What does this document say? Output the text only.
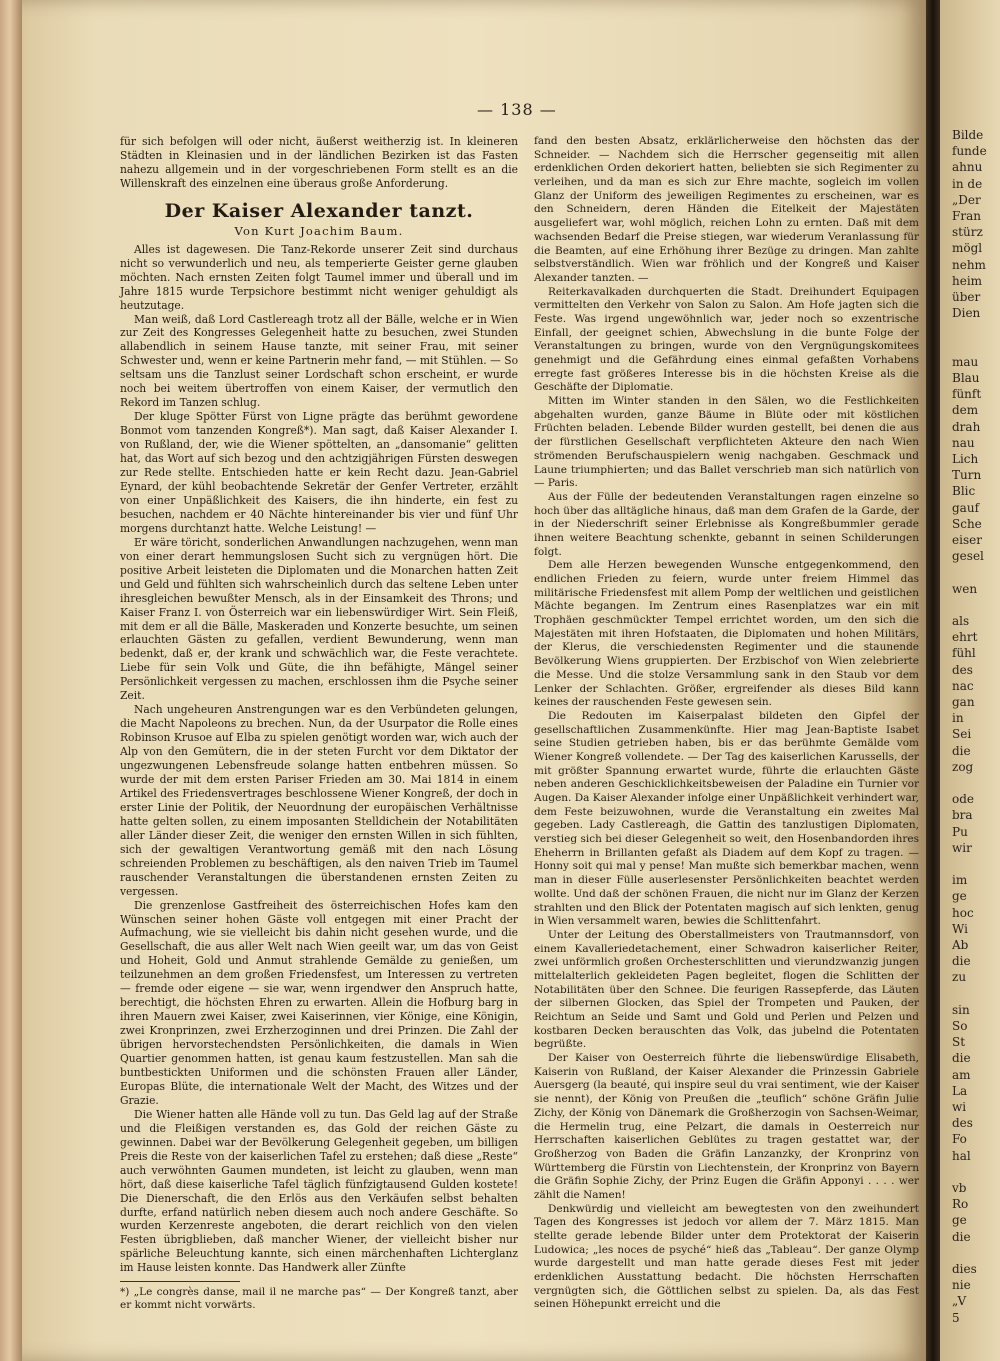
— 138 —

für sich befolgen will oder nicht, äußerst weitherzig ist. In kleineren Städten in Kleinasien und in der ländlichen Bezirken ist das Fasten nahezu allgemein und in der vorgeschriebenen Form stellt es an die Willenskraft des einzelnen eine überaus große Anforderung.

Der Kaiser Alexander tanzt.
Von Kurt Joachim Baum.

Alles ist dagewesen. Die Tanz-Rekorde unserer Zeit sind durchaus nicht so verwunderlich und neu, als temperierte Geister gerne glauben möchten. Nach ernsten Zeiten folgt Taumel immer und überall und im Jahre 1815 wurde Terpsichore bestimmt nicht weniger gehuldigt als heutzutage.

Man weiß, daß Lord Castlereagh trotz all der Bälle, welche er in Wien zur Zeit des Kongresses Gelegenheit hatte zu besuchen, zwei Stunden allabendlich in seinem Hause tanzte, mit seiner Frau, mit seiner Schwester und, wenn er keine Partnerin mehr fand, — mit Stühlen. — So seltsam uns die Tanzlust seiner Lordschaft schon erscheint, er wurde noch bei weitem übertroffen von einem Kaiser, der vermutlich den Rekord im Tanzen schlug.

Der kluge Spötter Fürst von Ligne prägte das berühmt gewordene Bonmot vom tanzenden Kongreß*). Man sagt, daß Kaiser Alexander I. von Rußland, der, wie die Wiener spöttelten, an „dansomanie“ gelitten hat, das Wort auf sich bezog und den achtzigjährigen Fürsten deswegen zur Rede stellte. Entschieden hatte er kein Recht dazu. Jean-Gabriel Eynard, der kühl beobachtende Sekretär der Genfer Vertreter, erzählt von einer Unpäßlichkeit des Kaisers, die ihn hinderte, ein fest zu besuchen, nachdem er 40 Nächte hintereinander bis vier und fünf Uhr morgens durchtanzt hatte. Welche Leistung! —

Er wäre töricht, sonderlichen Anwandlungen nachzugehen, wenn man von einer derart hemmungslosen Sucht sich zu vergnügen hört. Die positive Arbeit leisteten die Diplomaten und die Monarchen hatten Zeit und Geld und fühlten sich wahrscheinlich durch das seltene Leben unter ihresgleichen bewußter Mensch, als in der Einsamkeit des Throns; und Kaiser Franz I. von Österreich war ein liebenswürdiger Wirt. Sein Fleiß, mit dem er all die Bälle, Maskeraden und Konzerte besuchte, um seinen erlauchten Gästen zu gefallen, verdient Bewunderung, wenn man bedenkt, daß er, der krank und schwächlich war, die Feste verachtete. Liebe für sein Volk und Güte, die ihn befähigte, Mängel seiner Persönlichkeit vergessen zu machen, erschlossen ihm die Psyche seiner Zeit.

Nach ungeheuren Anstrengungen war es den Verbündeten gelungen, die Macht Napoleons zu brechen. Nun, da der Usurpator die Rolle eines Robinson Krusoe auf Elba zu spielen genötigt worden war, wich auch der Alp von den Gemütern, die in der steten Furcht vor dem Diktator der ungezwungenen Lebensfreude solange hatten entbehren müssen. So wurde der mit dem ersten Pariser Frieden am 30. Mai 1814 in einem Artikel des Friedensvertrages beschlossene Wiener Kongreß, der doch in erster Linie der Politik, der Neuordnung der europäischen Verhältnisse hatte gelten sollen, zu einem imposanten Stelldichein der Notabilitäten aller Länder dieser Zeit, die weniger den ernsten Willen in sich fühlten, sich der gewaltigen Verantwortung gemäß mit den nach Lösung schreienden Problemen zu beschäftigen, als den naiven Trieb im Taumel rauschender Veranstaltungen die überstandenen ernsten Zeiten zu vergessen.

Die grenzenlose Gastfreiheit des österreichischen Hofes kam den Wünschen seiner hohen Gäste voll entgegen mit einer Pracht der Aufmachung, wie sie vielleicht bis dahin nicht gesehen wurde, und die Gesellschaft, die aus aller Welt nach Wien geeilt war, um das von Geist und Hoheit, Gold und Anmut strahlende Gemälde zu genießen, um teilzunehmen an dem großen Friedensfest, um Interessen zu vertreten — fremde oder eigene — sie war, wenn irgendwer den Anspruch hatte, berechtigt, die höchsten Ehren zu erwarten. Allein die Hofburg barg in ihren Mauern zwei Kaiser, zwei Kaiserinnen, vier Könige, eine Königin, zwei Kronprinzen, zwei Erzherzoginnen und drei Prinzen. Die Zahl der übrigen hervorstechendsten Persönlichkeiten, die damals in Wien Quartier genommen hatten, ist genau kaum festzustellen. Man sah die buntbestickten Uniformen und die schönsten Frauen aller Länder, Europas Blüte, die internationale Welt der Macht, des Witzes und der Grazie.

Die Wiener hatten alle Hände voll zu tun. Das Geld lag auf der Straße und die Fleißigen verstanden es, das Gold der reichen Gäste zu gewinnen. Dabei war der Bevölkerung Gelegenheit gegeben, um billigen Preis die Reste von der kaiserlichen Tafel zu erstehen; daß diese „Reste“ auch verwöhnten Gaumen mundeten, ist leicht zu glauben, wenn man hört, daß diese kaiserliche Tafel täglich fünfzigtausend Gulden kostete! Die Dienerschaft, die den Erlös aus den Verkäufen selbst behalten durfte, erfand natürlich neben diesem auch noch andere Geschäfte. So wurden Kerzenreste angeboten, die derart reichlich von den vielen Festen übrigblieben, daß mancher Wiener, der vielleicht bisher nur spärliche Beleuchtung kannte, sich einen märchenhaften Lichterglanz im Hause leisten konnte. Das Handwerk aller Zünfte

*) „Le congrès danse, mail il ne marche pas“ — Der Kongreß tanzt, aber er kommt nicht vorwärts.

fand den besten Absatz, erklärlicherweise den höchsten das der Schneider. — Nachdem sich die Herrscher gegenseitig mit allen erdenklichen Orden dekoriert hatten, beliebten sie sich Regimenter zu verleihen, und da man es sich zur Ehre machte, sogleich im vollen Glanz der Uniform des jeweiligen Regimentes zu erscheinen, war es den Schneidern, deren Händen die Eitelkeit der Majestäten ausgeliefert war, wohl möglich, reichen Lohn zu ernten. Daß mit dem wachsenden Bedarf die Preise stiegen, war wiederum Veranlassung für die Beamten, auf eine Erhöhung ihrer Bezüge zu dringen. Man zahlte selbstverständlich. Wien war fröhlich und der Kongreß und Kaiser Alexander tanzten. —

Reiterkavalkaden durchquerten die Stadt. Dreihundert Equipagen vermittelten den Verkehr von Salon zu Salon. Am Hofe jagten sich die Feste. Was irgend ungewöhnlich war, jeder noch so exzentrische Einfall, der geeignet schien, Abwechslung in die bunte Folge der Veranstaltungen zu bringen, wurde von den Vergnügungskomitees genehmigt und die Gefährdung eines einmal gefaßten Vorhabens erregte fast größeres Interesse bis in die höchsten Kreise als die Geschäfte der Diplomatie.

Mitten im Winter standen in den Sälen, wo die Festlichkeiten abgehalten wurden, ganze Bäume in Blüte oder mit köstlichen Früchten beladen. Lebende Bilder wurden gestellt, bei denen die aus der fürstlichen Gesellschaft verpflichteten Akteure den nach Wien strömenden Berufschauspielern wenig nachgaben. Geschmack und Laune triumphierten; und das Ballet verschrieb man sich natürlich von — Paris.

Aus der Fülle der bedeutenden Veranstaltungen ragen einzelne so hoch über das alltägliche hinaus, daß man dem Grafen de la Garde, der in der Niederschrift seiner Erlebnisse als Kongreßbummler gerade ihnen weitere Beachtung schenkte, gebannt in seinen Schilderungen folgt.

Dem alle Herzen bewegenden Wunsche entgegenkommend, den endlichen Frieden zu feiern, wurde unter freiem Himmel das militärische Friedensfest mit allem Pomp der weltlichen und geistlichen Mächte begangen. Im Zentrum eines Rasenplatzes war ein mit Trophäen geschmückter Tempel errichtet worden, um den sich die Majestäten mit ihren Hofstaaten, die Diplomaten und hohen Militärs, der Klerus, die verschiedensten Regimenter und die staunende Bevölkerung Wiens gruppierten. Der Erzbischof von Wien zelebrierte die Messe. Und die stolze Versammlung sank in den Staub vor dem Lenker der Schlachten. Größer, ergreifender als dieses Bild kann keines der rauschenden Feste gewesen sein.

Die Redouten im Kaiserpalast bildeten den Gipfel der gesellschaftlichen Zusammenkünfte. Hier mag Jean-Baptiste Isabet seine Studien getrieben haben, bis er das berühmte Gemälde vom Wiener Kongreß vollendete. — Der Tag des kaiserlichen Karussells, der mit größter Spannung erwartet wurde, führte die erlauchten Gäste neben anderen Geschicklichkeitsbeweisen der Paladine ein Turnier vor Augen. Da Kaiser Alexander infolge einer Unpäßlichkeit verhindert war, dem Feste beizuwohnen, wurde die Veranstaltung ein zweites Mal gegeben. Lady Castlereagh, die Gattin des tanzlustigen Diplomaten, verstieg sich bei dieser Gelegenheit so weit, den Hosenbandorden ihres Eheherrn in Brillanten gefaßt als Diadem auf dem Kopf zu tragen. — Honny soit qui mal y pense! Man mußte sich bemerkbar machen, wenn man in dieser Fülle auserlesenster Persönlichkeiten beachtet werden wollte. Und daß der schönen Frauen, die nicht nur im Glanz der Kerzen strahlten und den Blick der Potentaten magisch auf sich lenkten, genug in Wien versammelt waren, bewies die Schlittenfahrt.

Unter der Leitung des Oberstallmeisters von Trautmannsdorf, von einem Kavalleriedetachement, einer Schwadron kaiserlicher Reiter, zwei unförmlich großen Orchesterschlitten und vierundzwanzig jungen mittelalterlich gekleideten Pagen begleitet, flogen die Schlitten der Notabilitäten über den Schnee. Die feurigen Rassepferde, das Läuten der silbernen Glocken, das Spiel der Trompeten und Pauken, der Reichtum an Seide und Samt und Gold und Perlen und Pelzen und kostbaren Decken berauschten das Volk, das jubelnd die Potentaten begrüßte.

Der Kaiser von Oesterreich führte die liebenswürdige Elisabeth, Kaiserin von Rußland, der Kaiser Alexander die Prinzessin Gabriele Auersgerg (la beauté, qui inspire seul du vrai sentiment, wie der Kaiser sie nennt), der König von Preußen die „teuflich“ schöne Gräfin Julie Zichy, der König von Dänemark die Großherzogin von Sachsen-Weimar, die Hermelin trug, eine Pelzart, die damals in Oesterreich nur Herrschaften kaiserlichen Geblütes zu tragen gestattet war, der Großherzog von Baden die Gräfin Lanzanzky, der Kronprinz von Württemberg die Fürstin von Liechtenstein, der Kronprinz von Bayern die Gräfin Sophie Zichy, der Prinz Eugen die Gräfin Apponyi . . . . wer zählt die Namen!

Denkwürdig und vielleicht am bewegtesten von den zweihundert Tagen des Kongresses ist jedoch vor allem der 7. März 1815. Man stellte gerade lebende Bilder unter dem Protektorat der Kaiserin Ludowica; „les noces de psyché“ hieß das „Tableau“. Der ganze Olymp wurde dargestellt und man hatte gerade dieses Fest mit jeder erdenklichen Ausstattung bedacht. Die höchsten Herrschaften vergnügten sich, die Göttlichen selbst zu spielen. Da, als das Fest seinen Höhepunkt erreicht und die

Bilde
funde
ahnu
in de
„Der
Fran
stürz
mögl
nehm
heim
über
Dien
mau
Blau
fünft
dem
drah
nau
Lich
Turn
Blic
gauf
Sche
eiser
gesel
wen
als
ehrt
fühl
des
nac
gan
in
Sei
die
zog
ode
bra
Pu
wir
im
ge
hoc
Wi
Ab
die
zu
sin
So
St
die
am
La
wi
des
Fo
hal
vb
Ro
ge
die
dies
nie
„V
5
